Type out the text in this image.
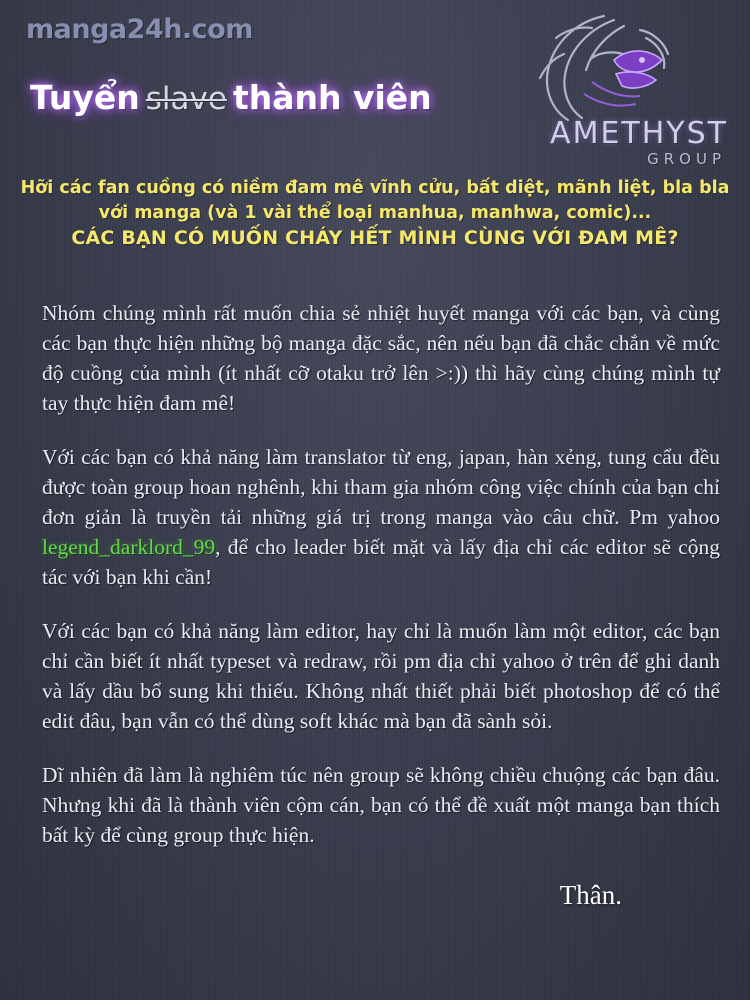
manga24h.com
AMETHYST
GROUP
Tuyển slave thành viên
Hỡi các fan cuồng có niềm đam mê vĩnh cửu, bất diệt, mãnh liệt, bla bla
với manga (và 1 vài thể loại manhua, manhwa, comic)...
CÁC BẠN CÓ MUỐN CHÁY HẾT MÌNH CÙNG VỚI ĐAM MÊ?

Nhóm chúng mình rất muốn chia sẻ nhiệt huyết manga với các bạn, và cùng các bạn thực hiện những bộ manga đặc sắc, nên nếu bạn đã chắc chắn về mức độ cuồng của mình (ít nhất cỡ otaku trở lên >:)) thì hãy cùng chúng mình tự tay thực hiện đam mê!

Với các bạn có khả năng làm translator từ eng, japan, hàn xẻng, tung cẩu đều được toàn group hoan nghênh, khi tham gia nhóm công việc chính của bạn chỉ đơn giản là truyền tải những giá trị trong manga vào câu chữ. Pm yahoo legend_darklord_99, để cho leader biết mặt và lấy địa chỉ các editor sẽ cộng tác với bạn khi cần!

Với các bạn có khả năng làm editor, hay chỉ là muốn làm một editor, các bạn chỉ cần biết ít nhất typeset và redraw, rồi pm địa chỉ yahoo ở trên để ghi danh và lấy dầu bổ sung khi thiếu. Không nhất thiết phải biết photoshop để có thể edit đâu, bạn vẫn có thể dùng soft khác mà bạn đã sành sỏi.

Dĩ nhiên đã làm là nghiêm túc nên group sẽ không chiều chuộng các bạn đâu. Nhưng khi đã là thành viên cộm cán, bạn có thể đề xuất một manga bạn thích bất kỳ để cùng group thực hiện.

Thân.
